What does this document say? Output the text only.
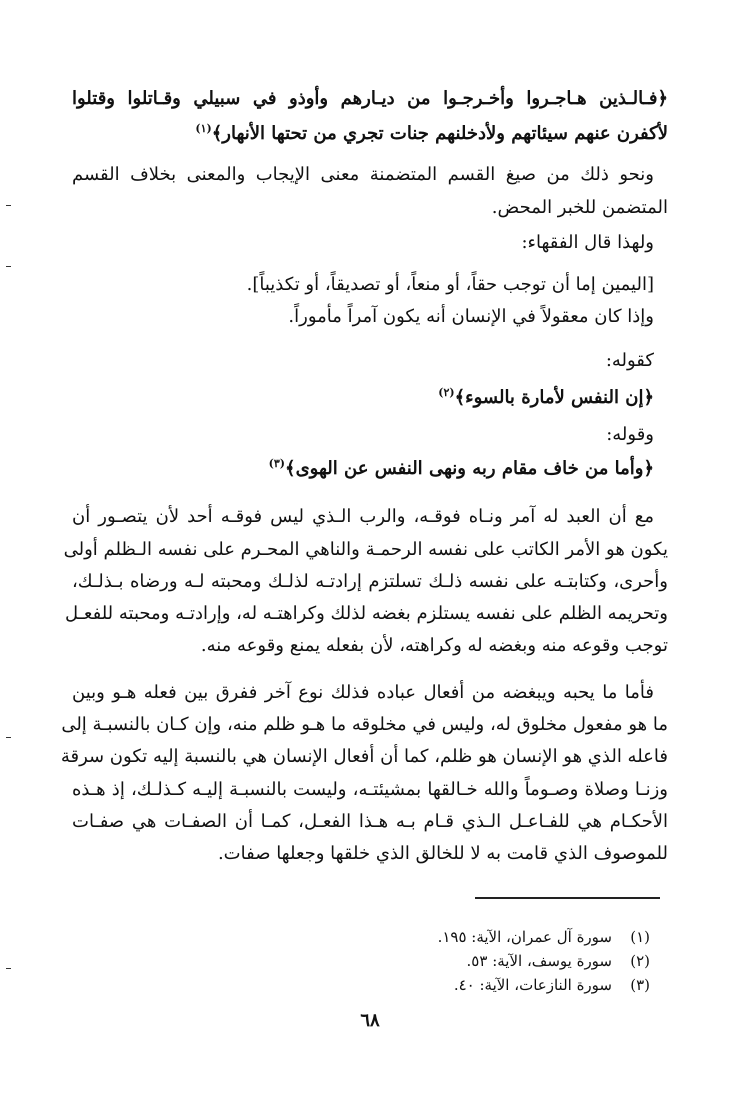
﴿فـالـذين هـاجـروا وأخـرجـوا من ديـارهم وأوذو في سبيلي وقـاتلوا وقتلوا
لأكفرن عنهم سيئاتهم ولأدخلنهم جنات تجري من تحتها الأنهار﴾$^{(١)}$
ونحو ذلك من صيغ القسم المتضمنة معنى الإيجاب والمعنى بخلاف القسم
المتضمن للخبر المحض.
ولهذا قال الفقهاء:
[اليمين إما أن توجب حقاً، أو منعاً، أو تصديقاً، أو تكذيباً].
وإذا كان معقولاً في الإنسان أنه يكون آمراً مأموراً.
كقوله:
﴿إن النفس لأمارة بالسوء﴾$^{(٢)}$
وقوله:
﴿وأما من خاف مقام ربه ونهى النفس عن الهوى﴾$^{(٣)}$
مع أن العبد له آمر ونـاه فوقـه، والرب الـذي ليس فوقـه أحد لأن يتصـور أن
يكون هو الأمر الكاتب على نفسه الرحمـة والناهي المحـرم على نفسه الـظلم أولى
وأحرى، وكتابتـه على نفسه ذلـك تسلتزم إرادتـه لذلـك ومحبته لـه ورضاه بـذلـك،
وتحريمه الظلم على نفسه يستلزم بغضه لذلك وكراهتـه له، وإرادتـه ومحبته للفعـل
توجب وقوعه منه وبغضه له وكراهته، لأن بفعله يمنع وقوعه منه.
فأما ما يحبه ويبغضه من أفعال عباده فذلك نوع آخر ففرق بين فعله هـو وبين
ما هو مفعول مخلوق له، وليس في مخلوقه ما هـو ظلم منه، وإن كـان بالنسبـة إلى
فاعله الذي هو الإنسان هو ظلم، كما أن أفعال الإنسان هي بالنسبة إليه تكون سرقة
وزنـا وصلاة وصـوماً والله خـالقها بمشيئتـه، وليست بالنسبـة إليـه كـذلـك، إذ هـذه
الأحكـام هي للفـاعـل الـذي قـام بـه هـذا الفعـل، كمـا أن الصفـات هي صفـات
للموصوف الذي قامت به لا للخالق الذي خلقها وجعلها صفات.
(١)سورة آل عمران، الآية: ١٩٥.
(٢)سورة يوسف، الآية: ٥٣.
(٣)سورة النازعات، الآية: ٤٠.
٦٨
